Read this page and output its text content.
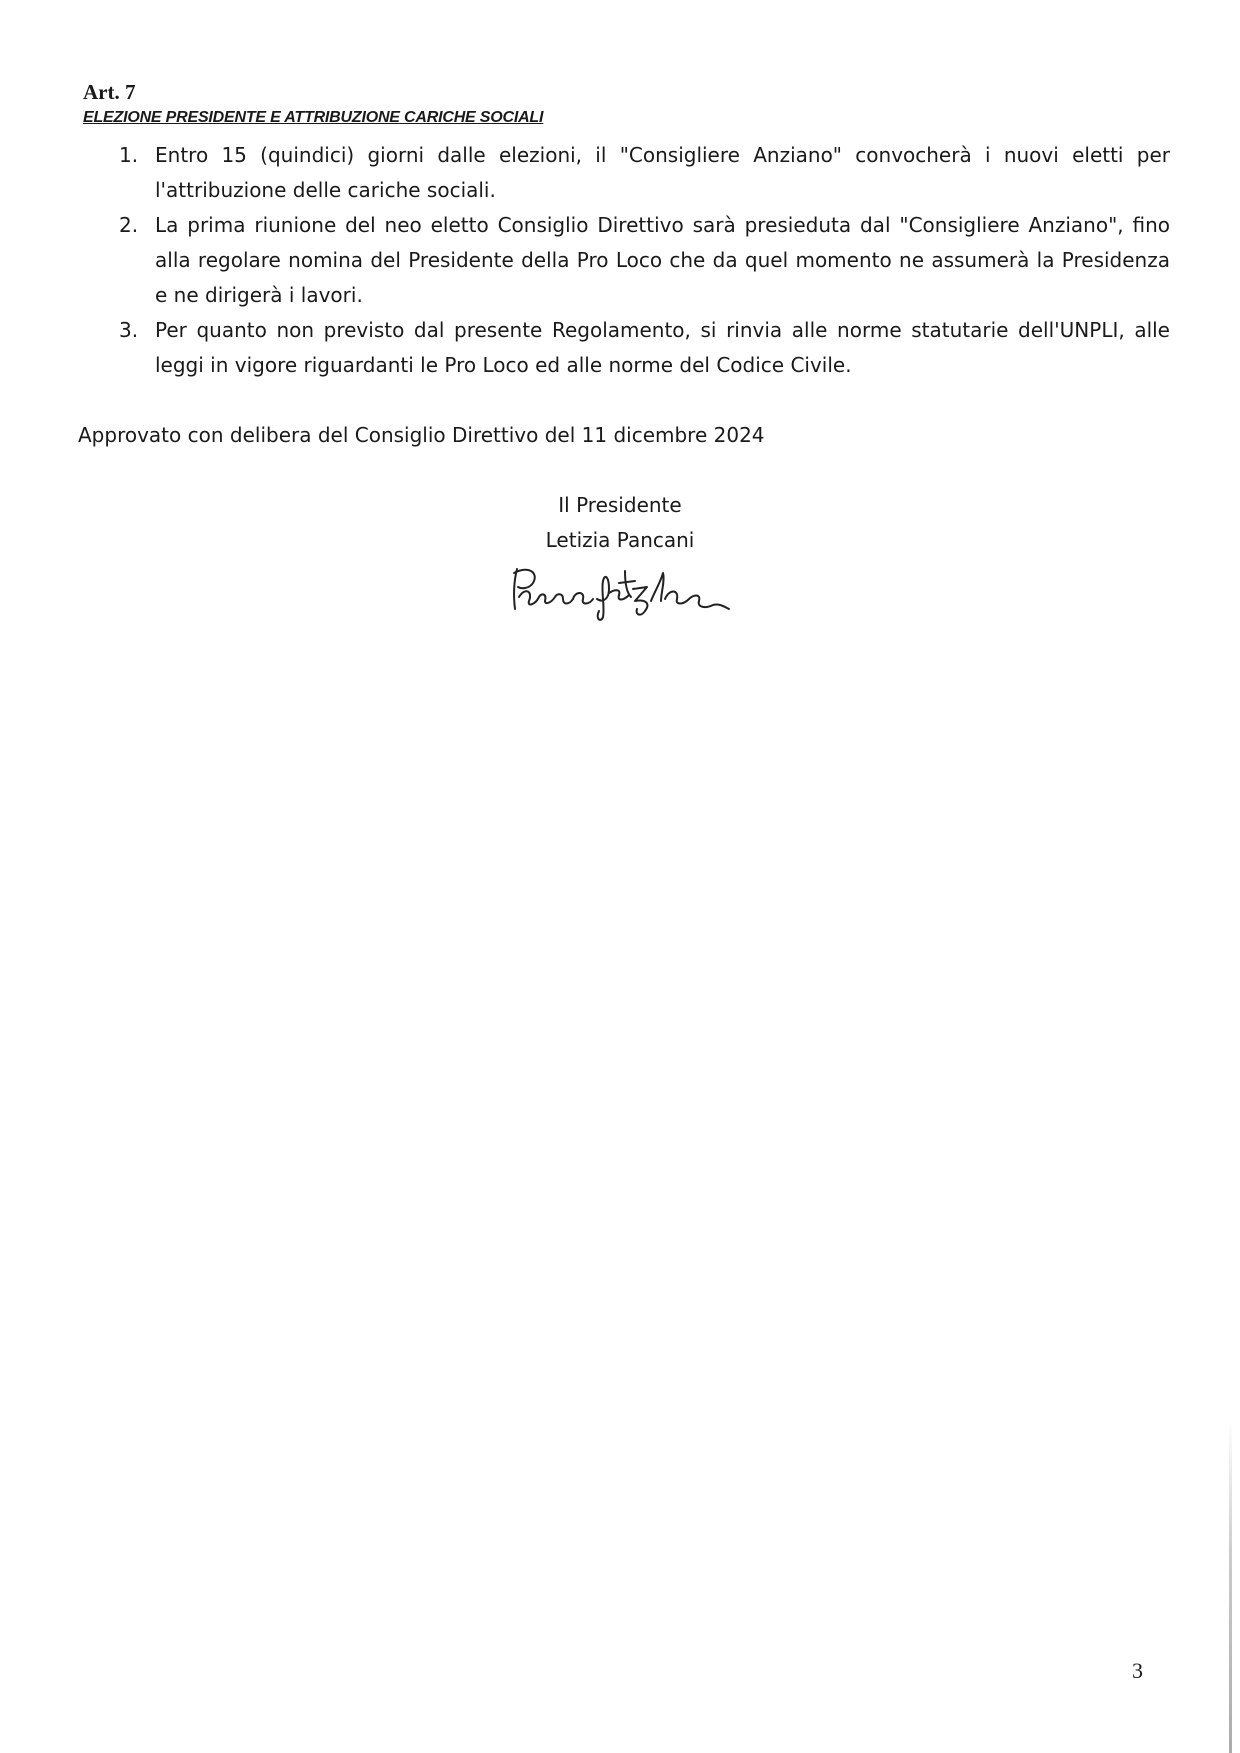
Art. 7
ELEZIONE PRESIDENTE E ATTRIBUZIONE CARICHE SOCIALI
1. Entro 15 (quindici) giorni dalle elezioni, il "Consigliere Anziano" convocherà i nuovi eletti per l'attribuzione delle cariche sociali.
2. La prima riunione del neo eletto Consiglio Direttivo sarà presieduta dal "Consigliere Anziano", fino alla regolare nomina del Presidente della Pro Loco che da quel momento ne assumerà la Presidenza e ne dirigerà i lavori.
3. Per quanto non previsto dal presente Regolamento, si rinvia alle norme statutarie dell'UNPLI, alle leggi in vigore riguardanti le Pro Loco ed alle norme del Codice Civile.
Approvato con delibera del Consiglio Direttivo del 11 dicembre 2024
Il Presidente
Letizia Pancani
3
